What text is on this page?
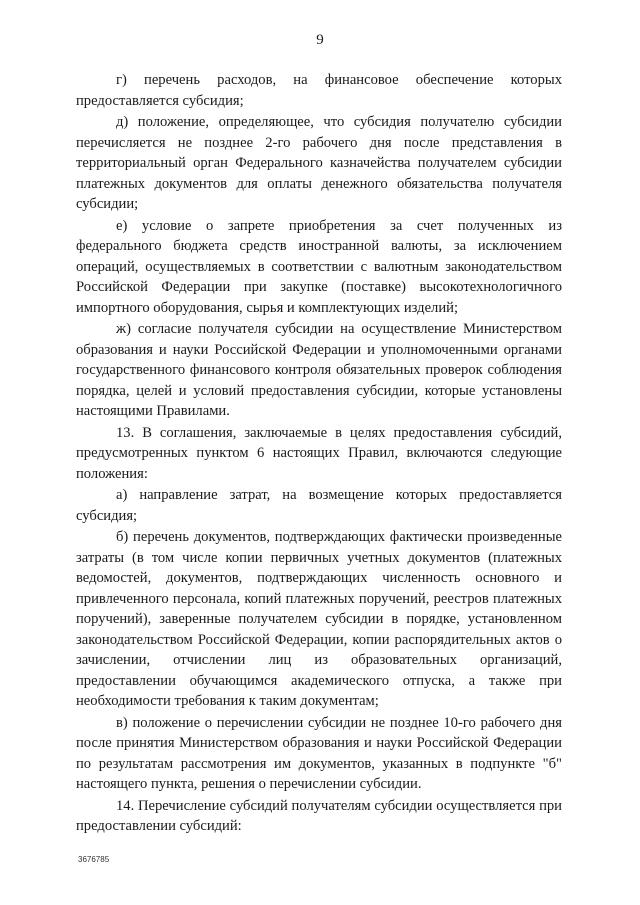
9

г) перечень расходов, на финансовое обеспечение которых предоставляется субсидия;

д) положение, определяющее, что субсидия получателю субсидии перечисляется не позднее 2-го рабочего дня после представления в территориальный орган Федерального казначейства получателем субсидии платежных документов для оплаты денежного обязательства получателя субсидии;

е) условие о запрете приобретения за счет полученных из федерального бюджета средств иностранной валюты, за исключением операций, осуществляемых в соответствии с валютным законодательством Российской Федерации при закупке (поставке) высокотехнологичного импортного оборудования, сырья и комплектующих изделий;

ж) согласие получателя субсидии на осуществление Министерством образования и науки Российской Федерации и уполномоченными органами государственного финансового контроля обязательных проверок соблюдения порядка, целей и условий предоставления субсидии, которые установлены настоящими Правилами.

13. В соглашения, заключаемые в целях предоставления субсидий, предусмотренных пунктом 6 настоящих Правил, включаются следующие положения:

а) направление затрат, на возмещение которых предоставляется субсидия;

б) перечень документов, подтверждающих фактически произведенные затраты (в том числе копии первичных учетных документов (платежных ведомостей, документов, подтверждающих численность основного и привлеченного персонала, копий платежных поручений, реестров платежных поручений), заверенные получателем субсидии в порядке, установленном законодательством Российской Федерации, копии распорядительных актов о зачислении, отчислении лиц из образовательных организаций, предоставлении обучающимся академического отпуска, а также при необходимости требования к таким документам;

в) положение о перечислении субсидии не позднее 10-го рабочего дня после принятия Министерством образования и науки Российской Федерации по результатам рассмотрения им документов, указанных в подпункте "б" настоящего пункта, решения о перечислении субсидии.

14. Перечисление субсидий получателям субсидии осуществляется при предоставлении субсидий:

3676785
